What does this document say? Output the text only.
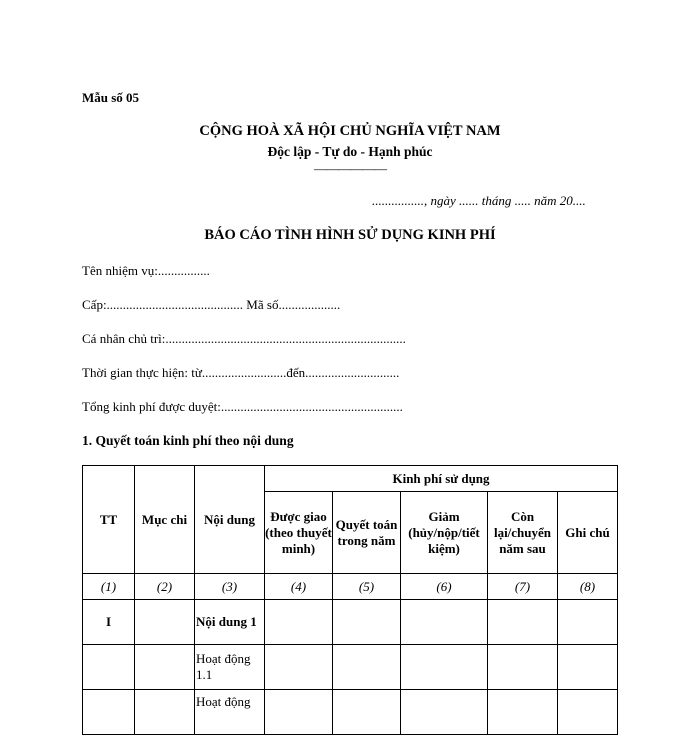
Mẫu số 05
CỘNG HOÀ XÃ HỘI CHỦ NGHĨA VIỆT NAM
Độc lập - Tự do - Hạnh phúc
——————
................, ngày ...... tháng ..... năm 20....
BÁO CÁO TÌNH HÌNH SỬ DỤNG KINH PHÍ
Tên nhiệm vụ:................
Cấp:.......................................... Mã số...................
Cá nhân chủ trì:..........................................................................
Thời gian thực hiện: từ..........................đến.............................
Tổng kinh phí được duyệt:........................................................
1. Quyết toán kinh phí theo nội dung
TT	Mục chi	Nội dung	Kinh phí sử dụng				
			Được giao (theo thuyết minh)	Quyết toán trong năm	Giảm (hủy/nộp/tiết kiệm)	Còn lại/chuyển năm sau	Ghi chú
(1)	(2)	(3)	(4)	(5)	(6)	(7)	(8)
I		Nội dung 1					
		Hoạt động 1.1					
		Hoạt động					
